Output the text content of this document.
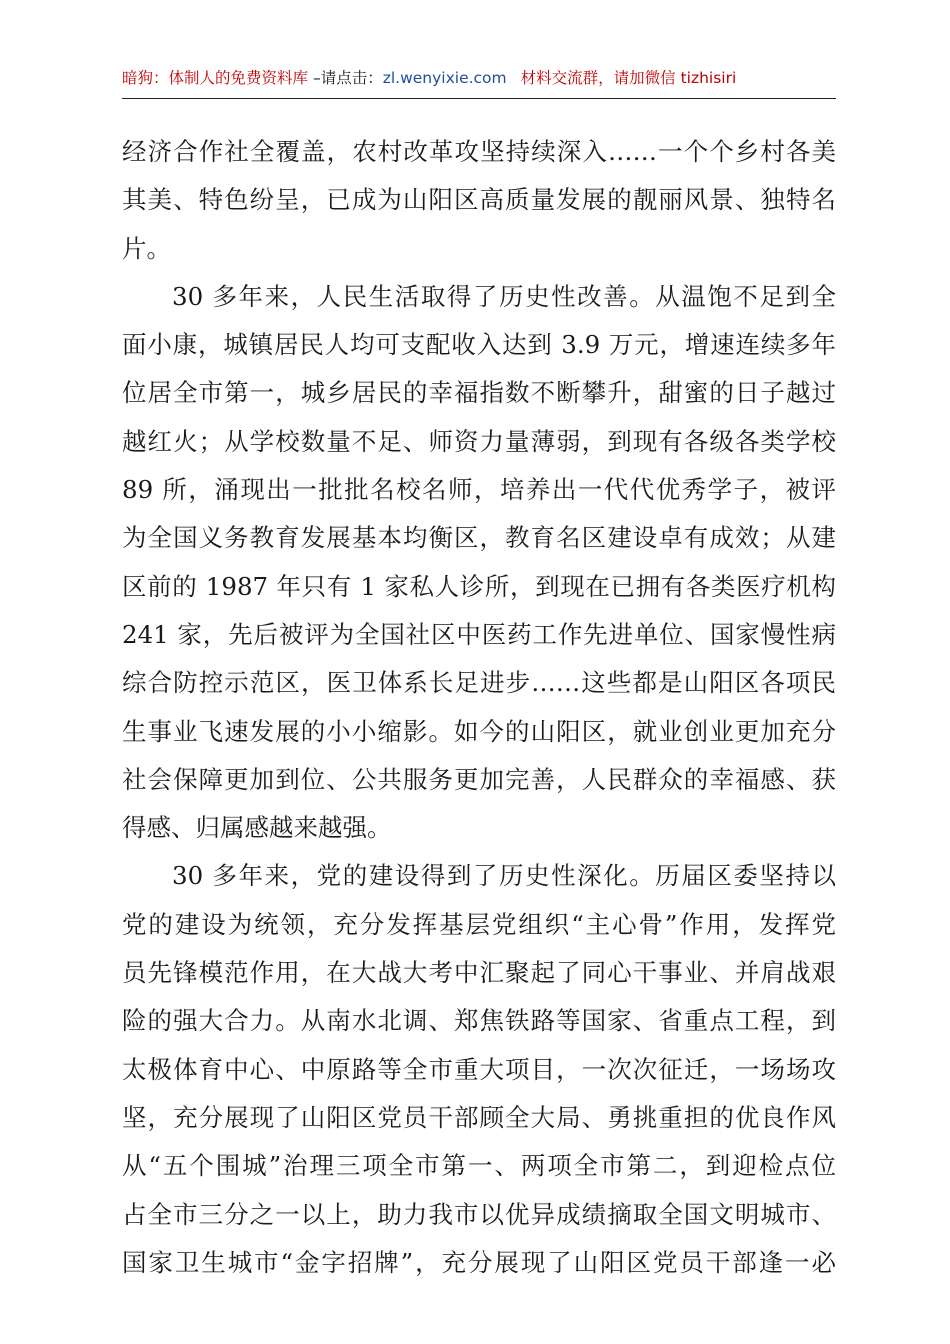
暗狗：体制人的免费资料库 –请点击：zl.wenyixie.com 材料交流群，请加微信 tizhisiri
经济合作社全覆盖，农村改革攻坚持续深入……一个个乡村各美
其美、特色纷呈，已成为山阳区高质量发展的靓丽风景、独特名
片。
30 多年来，人民生活取得了历史性改善。从温饱不足到全
面小康，城镇居民人均可支配收入达到 3.9 万元，增速连续多年
位居全市第一，城乡居民的幸福指数不断攀升，甜蜜的日子越过
越红火；从学校数量不足、师资力量薄弱，到现有各级各类学校
89 所，涌现出一批批名校名师，培养出一代代优秀学子，被评
为全国义务教育发展基本均衡区，教育名区建设卓有成效；从建
区前的 1987 年只有 1 家私人诊所，到现在已拥有各类医疗机构
241 家，先后被评为全国社区中医药工作先进单位、国家慢性病
综合防控示范区，医卫体系长足进步……这些都是山阳区各项民
生事业飞速发展的小小缩影。如今的山阳区，就业创业更加充分
社会保障更加到位、公共服务更加完善，人民群众的幸福感、获
得感、归属感越来越强。
30 多年来，党的建设得到了历史性深化。历届区委坚持以
党的建设为统领，充分发挥基层党组织“主心骨”作用，发挥党
员先锋模范作用，在大战大考中汇聚起了同心干事业、并肩战艰
险的强大合力。从南水北调、郑焦铁路等国家、省重点工程，到
太极体育中心、中原路等全市重大项目，一次次征迁，一场场攻
坚，充分展现了山阳区党员干部顾全大局、勇挑重担的优良作风
从“五个围城”治理三项全市第一、两项全市第二，到迎检点位
占全市三分之一以上，助力我市以优异成绩摘取全国文明城市、
国家卫生城市“金字招牌”，充分展现了山阳区党员干部逢一必
